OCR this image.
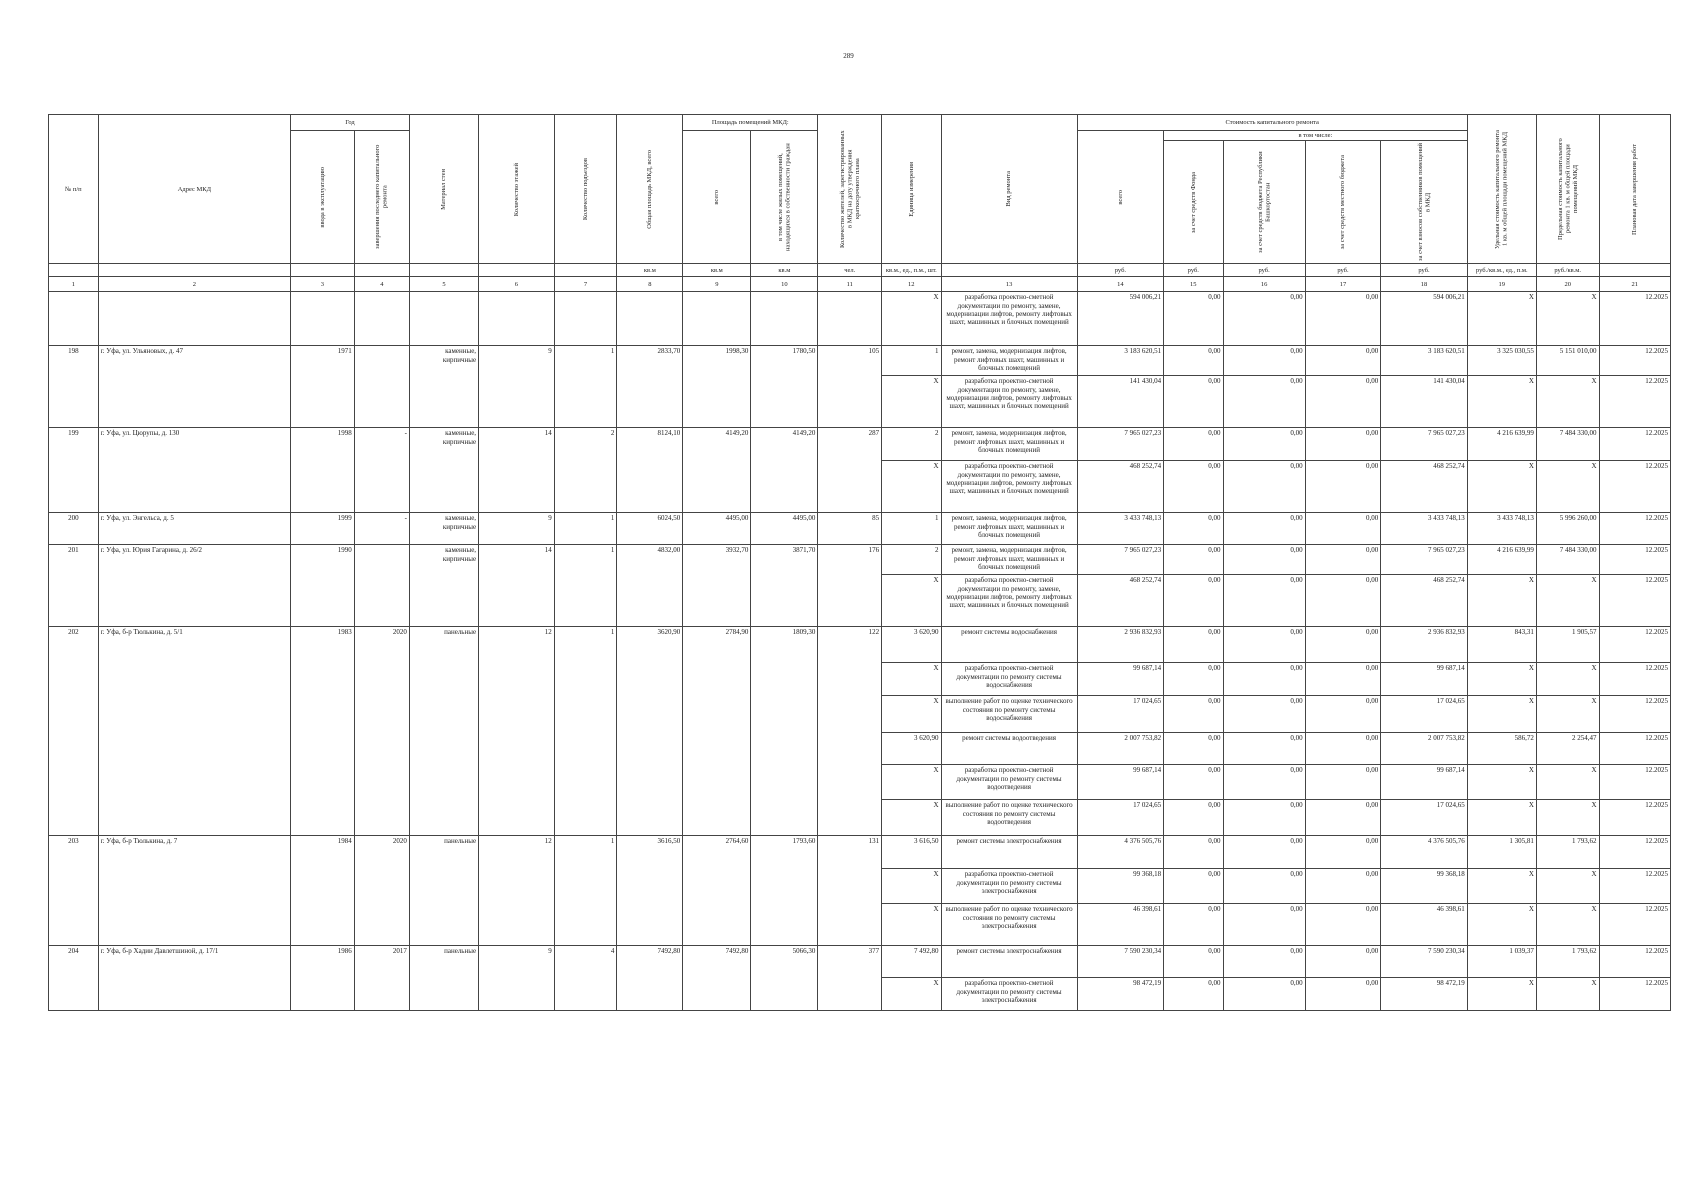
289
№ п/п	Адрес МКД	Год		Материал стен	Количество этажей	Количество подъездов	Общая площадь МКД, всего	Площадь помещений МКД:		Количество жителей, зарегистрированных в МКД на дату утверждения краткосрочного плана	Единица измерения	Вид ремонта	Стоимость капитального ремонта					Удельная стоимость капитального ремонта 1 кв. м общей площади помещений МКД	Предельная стоимость капитального ремонта 1 кв. м общей площади помещений МКД	Плановая дата завершения работ

		ввода в эксплуатацию	завершения последнего капитального ремонта					всего	в том числе жилых помещений, находящихся в собственности граждан				всего	в том числе:						

														за счет средств Фонда	за счет средств бюджета Республики Башкортостан	за счет средств местного бюджета	за счет взносов собственников помещений в МКД			

							кв.м	кв.м	кв.м	чел.	кв.м., ед., п.м., шт.		руб.	руб.	руб.	руб.	руб.	руб./кв.м., ед., п.м.	руб./кв.м.	
1	2	3	4	5	6	7	8	9	10	11	12	13	14	15	16	17	18	19	20	21
											X	разработка проектно-сметной документации по ремонту, замене, модернизации лифтов, ремонту лифтовых шахт, машинных и блочных помещений	594 006,21	0,00	0,00	0,00	594 006,21	X	X	12.2025
198	г. Уфа, ул. Ульяновых, д. 47	1971		каменные, кирпичные	9	1	2833,70	1998,30	1780,50	105	1	ремонт, замена, модернизация лифтов, ремонт лифтовых шахт, машинных и блочных помещений	3 183 620,51	0,00	0,00	0,00	3 183 620,51	3 325 030,55	5 151 010,00	12.2025
											X	разработка проектно-сметной документации по ремонту, замене, модернизации лифтов, ремонту лифтовых шахт, машинных и блочных помещений	141 430,04	0,00	0,00	0,00	141 430,04	X	X	12.2025
199	г. Уфа, ул. Цюрупы, д. 130	1998	-	каменные, кирпичные	14	2	8124,10	4149,20	4149,20	287	2	ремонт, замена, модернизация лифтов, ремонт лифтовых шахт, машинных и блочных помещений	7 965 027,23	0,00	0,00	0,00	7 965 027,23	4 216 639,99	7 484 330,00	12.2025
											X	разработка проектно-сметной документации по ремонту, замене, модернизации лифтов, ремонту лифтовых шахт, машинных и блочных помещений	468 252,74	0,00	0,00	0,00	468 252,74	X	X	12.2025
200	г. Уфа, ул. Энгельса, д. 5	1999	-	каменные, кирпичные	9	1	6024,50	4495,00	4495,00	85	1	ремонт, замена, модернизация лифтов, ремонт лифтовых шахт, машинных и блочных помещений	3 433 748,13	0,00	0,00	0,00	3 433 748,13	3 433 748,13	5 996 260,00	12.2025
201	г. Уфа, ул. Юрия Гагарина, д. 26/2	1990		каменные, кирпичные	14	1	4832,00	3932,70	3871,70	176	2	ремонт, замена, модернизация лифтов, ремонт лифтовых шахт, машинных и блочных помещений	7 965 027,23	0,00	0,00	0,00	7 965 027,23	4 216 639,99	7 484 330,00	12.2025
											X	разработка проектно-сметной документации по ремонту, замене, модернизации лифтов, ремонту лифтовых шахт, машинных и блочных помещений	468 252,74	0,00	0,00	0,00	468 252,74	X	X	12.2025
202	г. Уфа, б-р Тюлькина, д. 5/1	1983	2020	панельные	12	1	3620,90	2784,90	1809,30	122	3 620,90	ремонт системы водоснабжения	2 936 832,93	0,00	0,00	0,00	2 936 832,93	843,31	1 905,57	12.2025
											X	разработка проектно-сметной документации по ремонту системы водоснабжения	99 687,14	0,00	0,00	0,00	99 687,14	X	X	12.2025
											X	выполнение работ по оценке технического состояния по ремонту системы водоснабжения	17 024,65	0,00	0,00	0,00	17 024,65	X	X	12.2025
											3 620,90	ремонт системы водоотведения	2 007 753,82	0,00	0,00	0,00	2 007 753,82	586,72	2 254,47	12.2025
											X	разработка проектно-сметной документации по ремонту системы водоотведения	99 687,14	0,00	0,00	0,00	99 687,14	X	X	12.2025
											X	выполнение работ по оценке технического состояния по ремонту системы водоотведения	17 024,65	0,00	0,00	0,00	17 024,65	X	X	12.2025
203	г. Уфа, б-р Тюлькина, д. 7	1984	2020	панельные	12	1	3616,50	2764,60	1793,60	131	3 616,50	ремонт системы электроснабжения	4 376 505,76	0,00	0,00	0,00	4 376 505,76	1 305,81	1 793,62	12.2025
											X	разработка проектно-сметной документации по ремонту системы электроснабжения	99 368,18	0,00	0,00	0,00	99 368,18	X	X	12.2025
											X	выполнение работ по оценке технического состояния по ремонту системы электроснабжения	46 398,61	0,00	0,00	0,00	46 398,61	X	X	12.2025
204	г. Уфа, б-р Хадии Давлетшиной, д. 17/1	1986	2017	панельные	9	4	7492,80	7492,80	5066,30	377	7 492,80	ремонт системы электроснабжения	7 590 230,34	0,00	0,00	0,00	7 590 230,34	1 039,37	1 793,62	12.2025
											X	разработка проектно-сметной документации по ремонту системы электроснабжения	98 472,19	0,00	0,00	0,00	98 472,19	X	X	12.2025
